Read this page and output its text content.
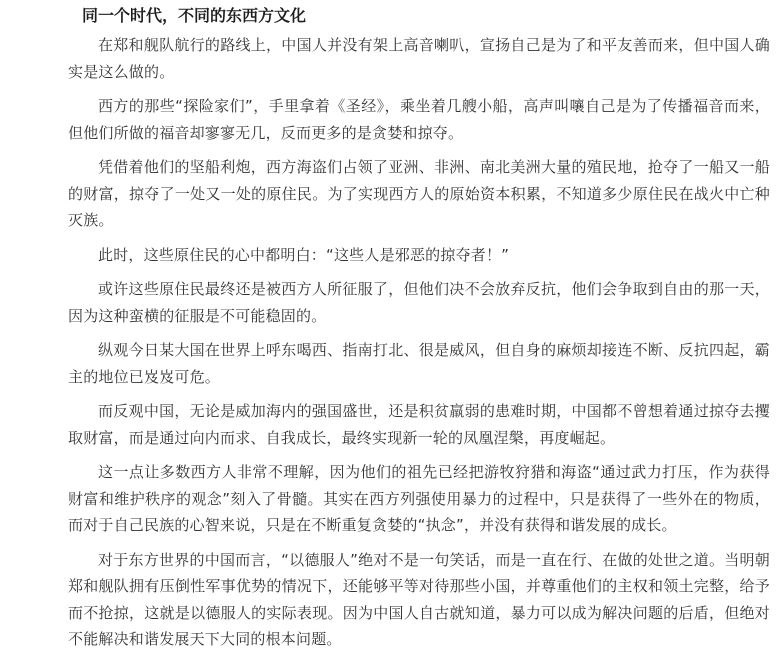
同一个时代，不同的东西方文化

在郑和舰队航行的路线上，中国人并没有架上高音喇叭，宣扬自己是为了和平友善而来，但中国人确实是这么做的。

西方的那些“探险家们”，手里拿着《圣经》，乘坐着几艘小船，高声叫嚷自己是为了传播福音而来，但他们所做的福音却寥寥无几，反而更多的是贪婪和掠夺。

凭借着他们的坚船利炮，西方海盗们占领了亚洲、非洲、南北美洲大量的殖民地，抢夺了一船又一船的财富，掠夺了一处又一处的原住民。为了实现西方人的原始资本积累，不知道多少原住民在战火中亡种灭族。

此时，这些原住民的心中都明白：“这些人是邪恶的掠夺者！”

或许这些原住民最终还是被西方人所征服了，但他们决不会放弃反抗，他们会争取到自由的那一天，因为这种蛮横的征服是不可能稳固的。

纵观今日某大国在世界上呼东喝西、指南打北、很是威风，但自身的麻烦却接连不断、反抗四起，霸主的地位已岌岌可危。

而反观中国，无论是威加海内的强国盛世，还是积贫羸弱的患难时期，中国都不曾想着通过掠夺去攫取财富，而是通过向内而求、自我成长，最终实现新一轮的凤凰涅槃，再度崛起。

这一点让多数西方人非常不理解，因为他们的祖先已经把游牧狩猎和海盗“通过武力打压，作为获得财富和维护秩序的观念”刻入了骨髓。其实在西方列强使用暴力的过程中，只是获得了一些外在的物质，而对于自己民族的心智来说，只是在不断重复贪婪的“执念”，并没有获得和谐发展的成长。

对于东方世界的中国而言，“以德服人”绝对不是一句笑话，而是一直在行、在做的处世之道。当明朝郑和舰队拥有压倒性军事优势的情况下，还能够平等对待那些小国，并尊重他们的主权和领土完整，给予而不抢掠，这就是以德服人的实际表现。因为中国人自古就知道，暴力可以成为解决问题的后盾，但绝对不能解决和谐发展天下大同的根本问题。
